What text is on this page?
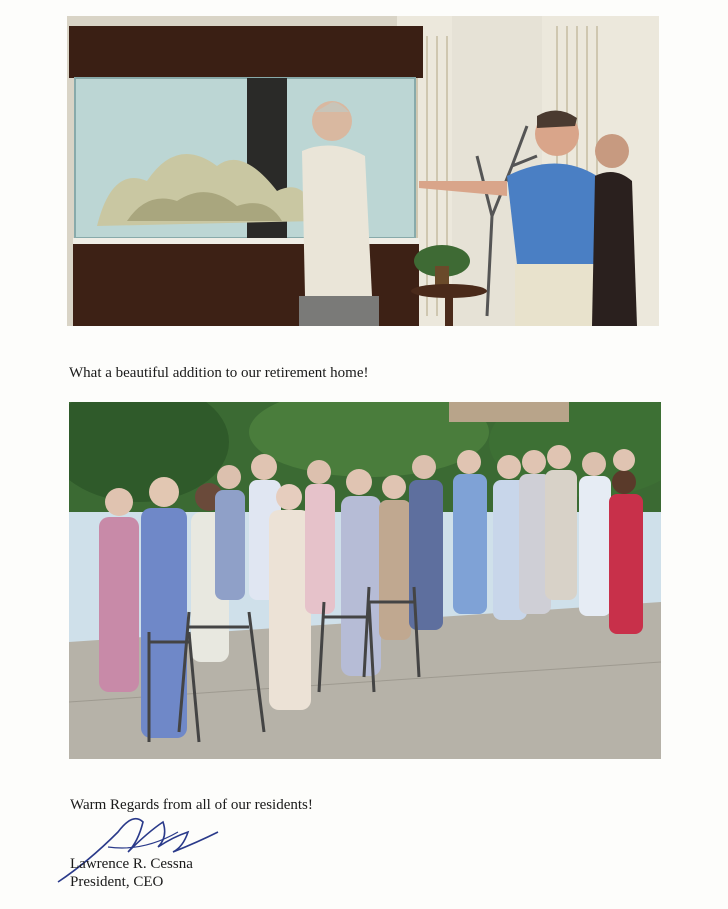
What a beautiful addition to our retirement home!
Warm Regards from all of our residents!
Lawrence R. Cessna
President, CEO
